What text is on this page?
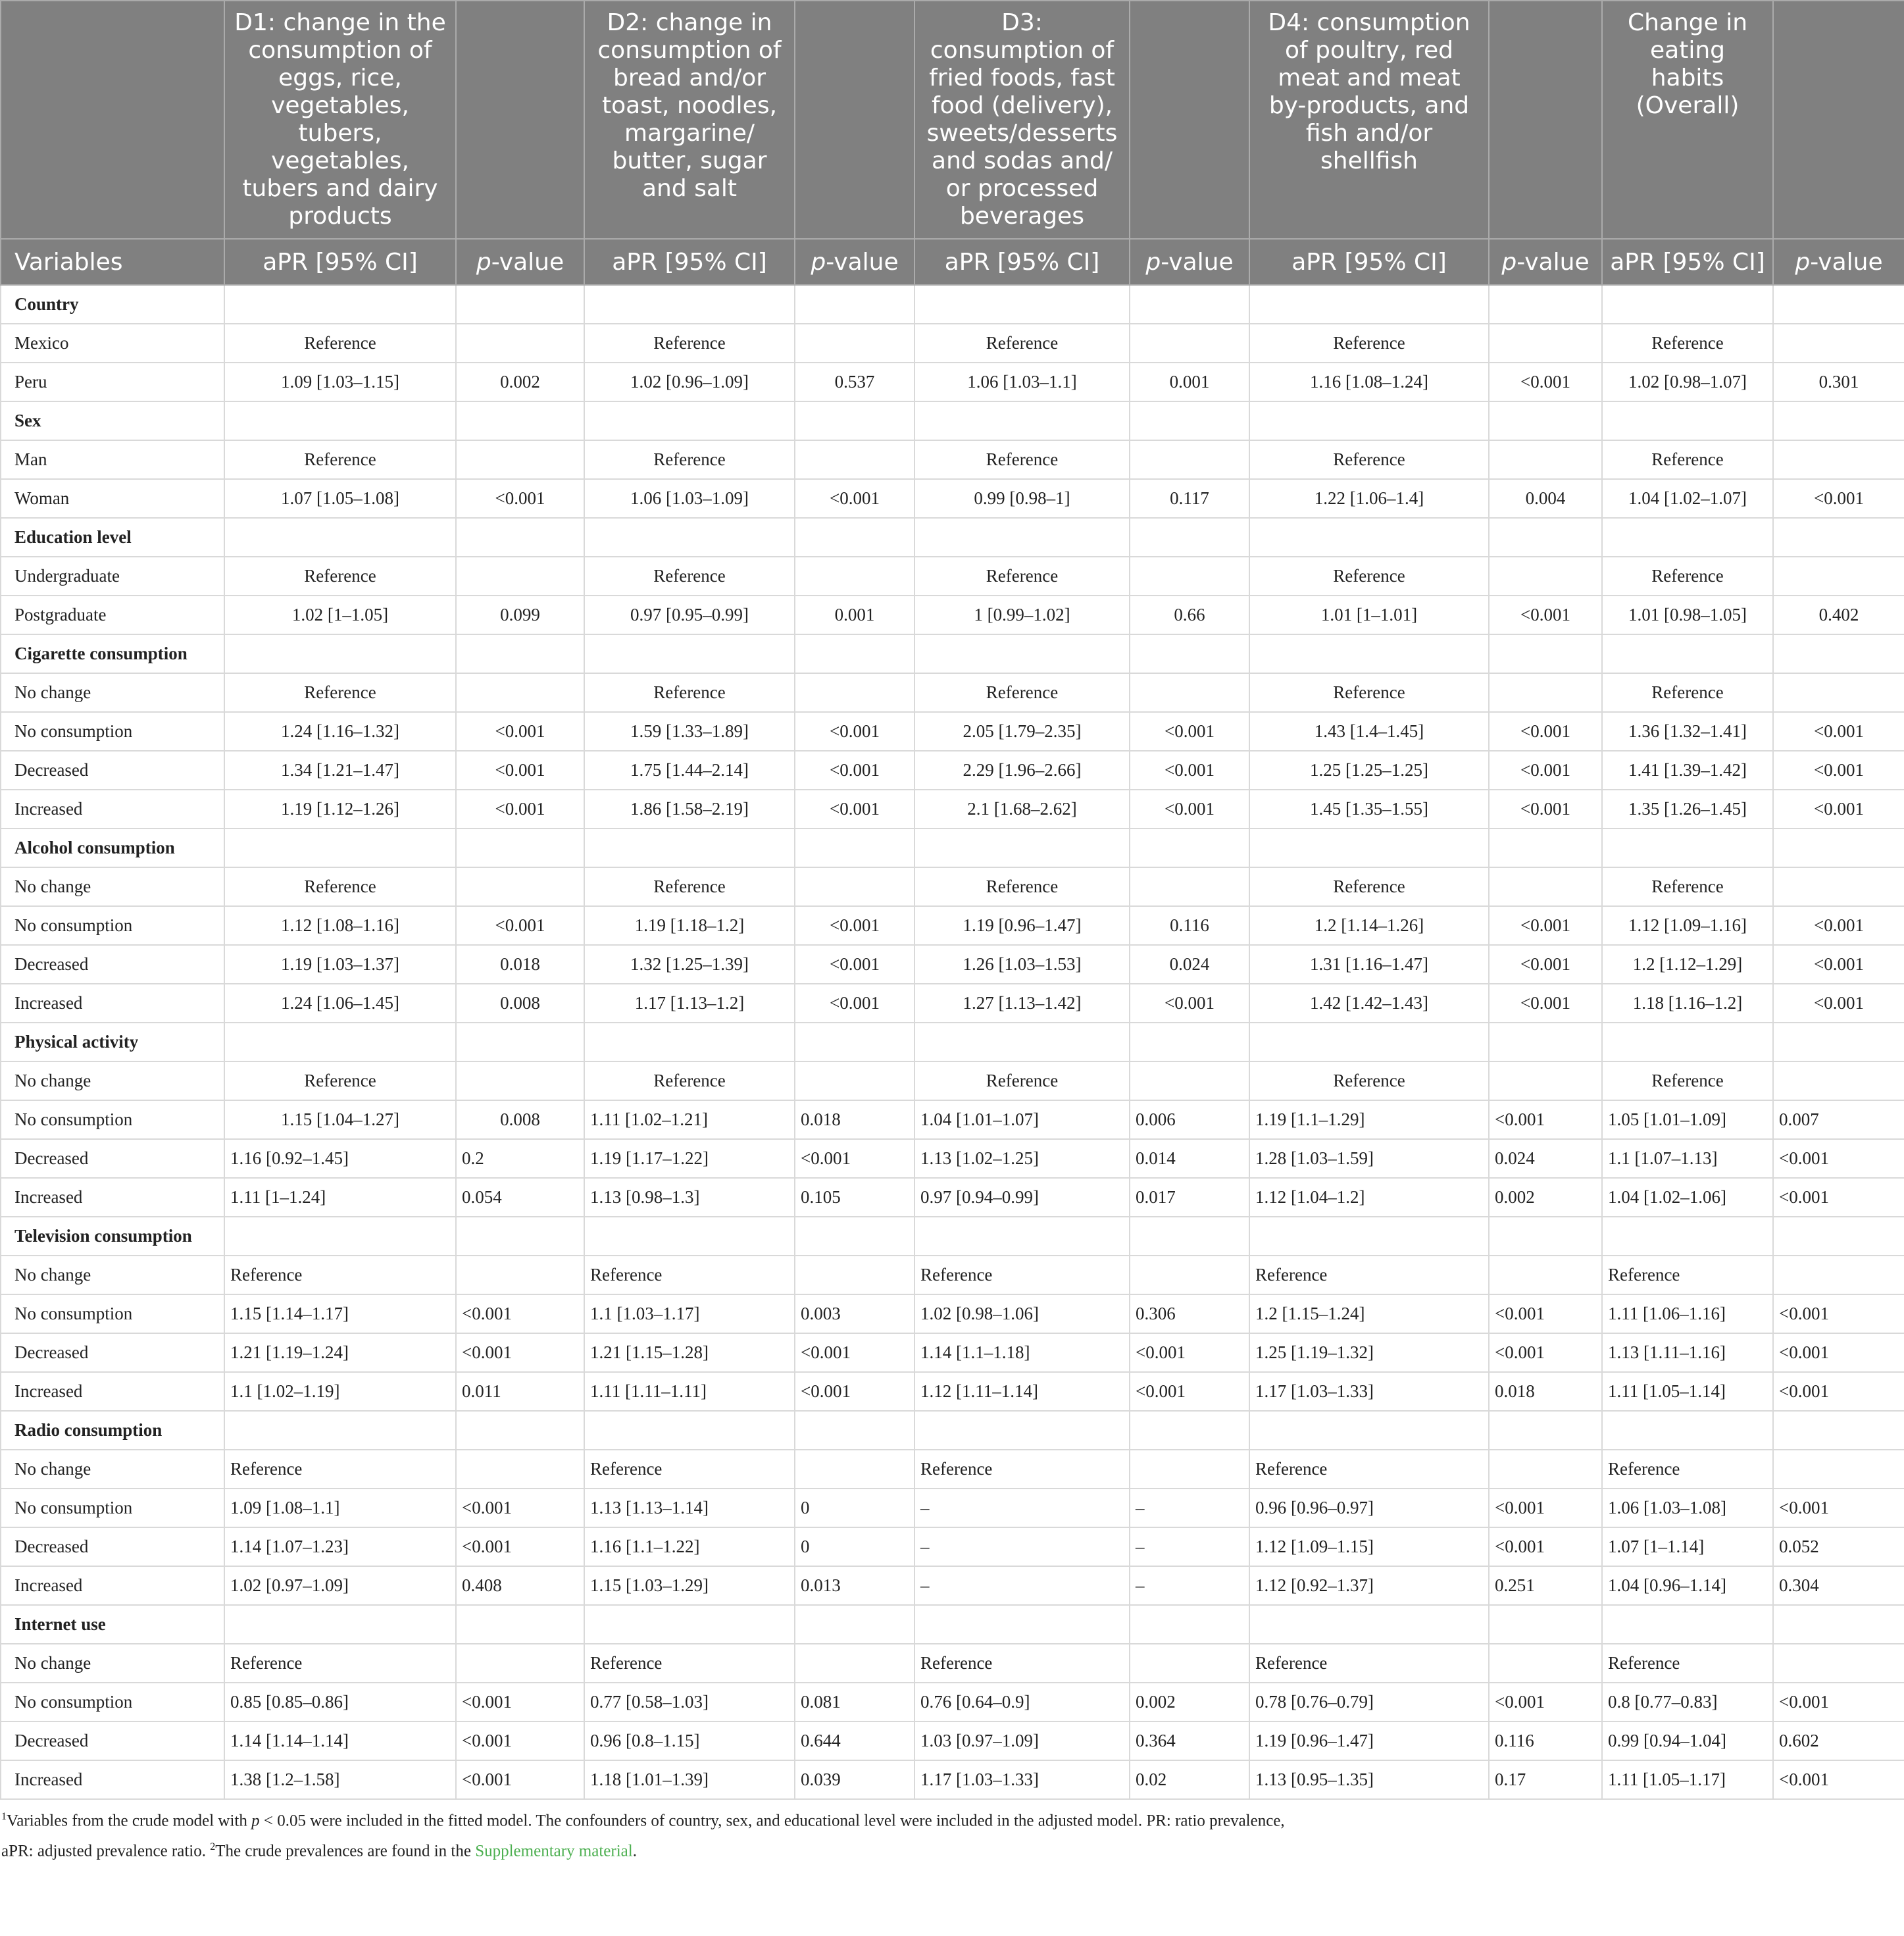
	D1: change in the consumption of eggs, rice, vegetables, tubers, vegetables, tubers and dairy products		D2: change in consumption of bread and/or toast, noodles, margarine/ butter, sugar and salt		D3: consumption of fried foods, fast food (delivery), sweets/desserts and sodas and/ or processed beverages		D4: consumption of poultry, red meat and meat by-products, and fish and/or shellfish		Change in eating habits (Overall)	
Variables	aPR [95% CI]	p-value	aPR [95% CI]	p-value	aPR [95% CI]	p-value	aPR [95% CI]	p-value	aPR [95% CI]	p-value
Country										
Mexico	Reference		Reference		Reference		Reference		Reference	
Peru	1.09 [1.03–1.15]	0.002	1.02 [0.96–1.09]	0.537	1.06 [1.03–1.1]	0.001	1.16 [1.08–1.24]	<0.001	1.02 [0.98–1.07]	0.301
Sex										
Man	Reference		Reference		Reference		Reference		Reference	
Woman	1.07 [1.05–1.08]	<0.001	1.06 [1.03–1.09]	<0.001	0.99 [0.98–1]	0.117	1.22 [1.06–1.4]	0.004	1.04 [1.02–1.07]	<0.001
Education level										
Undergraduate	Reference		Reference		Reference		Reference		Reference	
Postgraduate	1.02 [1–1.05]	0.099	0.97 [0.95–0.99]	0.001	1 [0.99–1.02]	0.66	1.01 [1–1.01]	<0.001	1.01 [0.98–1.05]	0.402
Cigarette consumption										
No change	Reference		Reference		Reference		Reference		Reference	
No consumption	1.24 [1.16–1.32]	<0.001	1.59 [1.33–1.89]	<0.001	2.05 [1.79–2.35]	<0.001	1.43 [1.4–1.45]	<0.001	1.36 [1.32–1.41]	<0.001
Decreased	1.34 [1.21–1.47]	<0.001	1.75 [1.44–2.14]	<0.001	2.29 [1.96–2.66]	<0.001	1.25 [1.25–1.25]	<0.001	1.41 [1.39–1.42]	<0.001
Increased	1.19 [1.12–1.26]	<0.001	1.86 [1.58–2.19]	<0.001	2.1 [1.68–2.62]	<0.001	1.45 [1.35–1.55]	<0.001	1.35 [1.26–1.45]	<0.001
Alcohol consumption										
No change	Reference		Reference		Reference		Reference		Reference	
No consumption	1.12 [1.08–1.16]	<0.001	1.19 [1.18–1.2]	<0.001	1.19 [0.96–1.47]	0.116	1.2 [1.14–1.26]	<0.001	1.12 [1.09–1.16]	<0.001
Decreased	1.19 [1.03–1.37]	0.018	1.32 [1.25–1.39]	<0.001	1.26 [1.03–1.53]	0.024	1.31 [1.16–1.47]	<0.001	1.2 [1.12–1.29]	<0.001
Increased	1.24 [1.06–1.45]	0.008	1.17 [1.13–1.2]	<0.001	1.27 [1.13–1.42]	<0.001	1.42 [1.42–1.43]	<0.001	1.18 [1.16–1.2]	<0.001
Physical activity										
No change	Reference		Reference		Reference		Reference		Reference	
No consumption	1.15 [1.04–1.27]	0.008	1.11 [1.02–1.21]	0.018	1.04 [1.01–1.07]	0.006	1.19 [1.1–1.29]	<0.001	1.05 [1.01–1.09]	0.007
Decreased	1.16 [0.92–1.45]	0.2	1.19 [1.17–1.22]	<0.001	1.13 [1.02–1.25]	0.014	1.28 [1.03–1.59]	0.024	1.1 [1.07–1.13]	<0.001
Increased	1.11 [1–1.24]	0.054	1.13 [0.98–1.3]	0.105	0.97 [0.94–0.99]	0.017	1.12 [1.04–1.2]	0.002	1.04 [1.02–1.06]	<0.001
Television consumption										
No change	Reference		Reference		Reference		Reference		Reference	
No consumption	1.15 [1.14–1.17]	<0.001	1.1 [1.03–1.17]	0.003	1.02 [0.98–1.06]	0.306	1.2 [1.15–1.24]	<0.001	1.11 [1.06–1.16]	<0.001
Decreased	1.21 [1.19–1.24]	<0.001	1.21 [1.15–1.28]	<0.001	1.14 [1.1–1.18]	<0.001	1.25 [1.19–1.32]	<0.001	1.13 [1.11–1.16]	<0.001
Increased	1.1 [1.02–1.19]	0.011	1.11 [1.11–1.11]	<0.001	1.12 [1.11–1.14]	<0.001	1.17 [1.03–1.33]	0.018	1.11 [1.05–1.14]	<0.001
Radio consumption										
No change	Reference		Reference		Reference		Reference		Reference	
No consumption	1.09 [1.08–1.1]	<0.001	1.13 [1.13–1.14]	0	–	–	0.96 [0.96–0.97]	<0.001	1.06 [1.03–1.08]	<0.001
Decreased	1.14 [1.07–1.23]	<0.001	1.16 [1.1–1.22]	0	–	–	1.12 [1.09–1.15]	<0.001	1.07 [1–1.14]	0.052
Increased	1.02 [0.97–1.09]	0.408	1.15 [1.03–1.29]	0.013	–	–	1.12 [0.92–1.37]	0.251	1.04 [0.96–1.14]	0.304
Internet use										
No change	Reference		Reference		Reference		Reference		Reference	
No consumption	0.85 [0.85–0.86]	<0.001	0.77 [0.58–1.03]	0.081	0.76 [0.64–0.9]	0.002	0.78 [0.76–0.79]	<0.001	0.8 [0.77–0.83]	<0.001
Decreased	1.14 [1.14–1.14]	<0.001	0.96 [0.8–1.15]	0.644	1.03 [0.97–1.09]	0.364	1.19 [0.96–1.47]	0.116	0.99 [0.94–1.04]	0.602
Increased	1.38 [1.2–1.58]	<0.001	1.18 [1.01–1.39]	0.039	1.17 [1.03–1.33]	0.02	1.13 [0.95–1.35]	0.17	1.11 [1.05–1.17]	<0.001
$^1$Variables from the crude model with p < 0.05 were included in the fitted model. The confounders of country, sex, and educational level were included in the adjusted model. PR: ratio prevalence, aPR: adjusted prevalence ratio. $^2$The crude prevalences are found in the Supplementary material.
